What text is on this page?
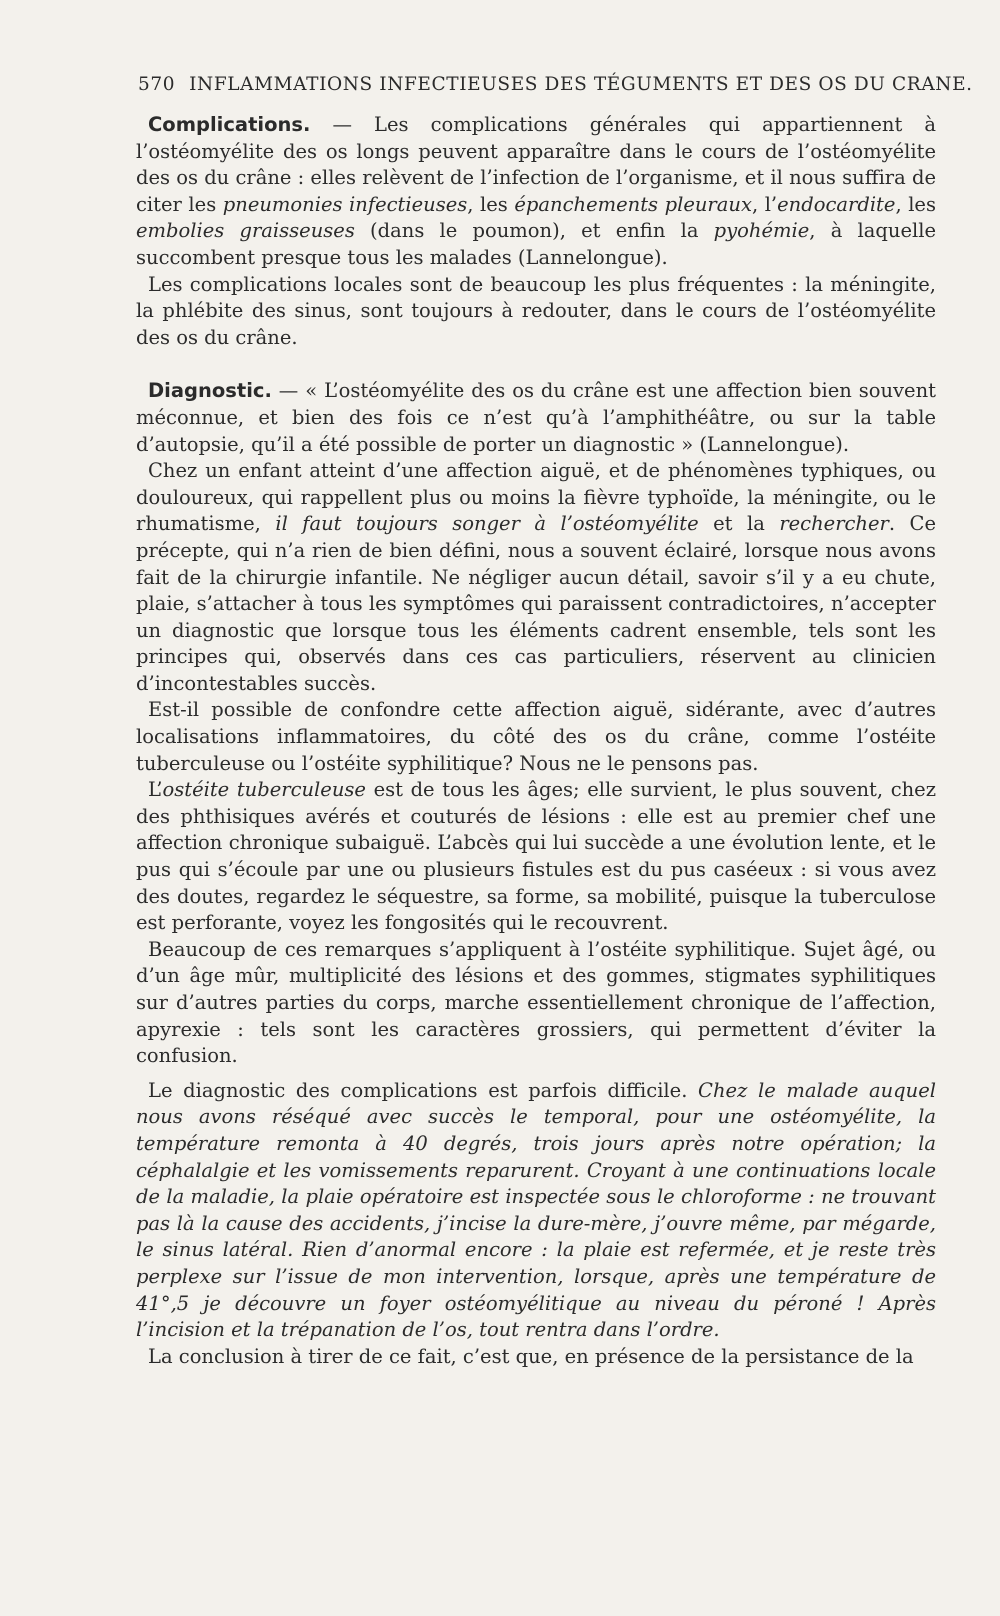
570 INFLAMMATIONS INFECTIEUSES DES TÉGUMENTS ET DES OS DU CRANE.

Complications. — Les complications générales qui appartiennent à l’ostéomyélite des os longs peuvent apparaître dans le cours de l’ostéomyélite des os du crâne : elles relèvent de l’infection de l’organisme, et il nous suffira de citer les pneumonies infectieuses, les épanchements pleuraux, l’endocardite, les embolies graisseuses (dans le poumon), et enfin la pyohémie, à laquelle succombent presque tous les malades (Lannelongue).

Les complications locales sont de beaucoup les plus fréquentes : la méningite, la phlébite des sinus, sont toujours à redouter, dans le cours de l’ostéomyélite des os du crâne.

Diagnostic. — « L’ostéomyélite des os du crâne est une affection bien souvent méconnue, et bien des fois ce n’est qu’à l’amphithéâtre, ou sur la table d’autopsie, qu’il a été possible de porter un diagnostic » (Lannelongue).

Chez un enfant atteint d’une affection aiguë, et de phénomènes typhiques, ou douloureux, qui rappellent plus ou moins la fièvre typhoïde, la méningite, ou le rhumatisme, il faut toujours songer à l’ostéomyélite et la rechercher. Ce précepte, qui n’a rien de bien défini, nous a souvent éclairé, lorsque nous avons fait de la chirurgie infantile. Ne négliger aucun détail, savoir s’il y a eu chute, plaie, s’attacher à tous les symptômes qui paraissent contradictoires, n’accepter un diagnostic que lorsque tous les éléments cadrent ensemble, tels sont les principes qui, observés dans ces cas particuliers, réservent au clinicien d’incontestables succès.

Est-il possible de confondre cette affection aiguë, sidérante, avec d’autres localisations inflammatoires, du côté des os du crâne, comme l’ostéite tuberculeuse ou l’ostéite syphilitique? Nous ne le pensons pas.

L’ostéite tuberculeuse est de tous les âges; elle survient, le plus souvent, chez des phthisiques avérés et couturés de lésions : elle est au premier chef une affection chronique subaiguë. L’abcès qui lui succède a une évolution lente, et le pus qui s’écoule par une ou plusieurs fistules est du pus caséeux : si vous avez des doutes, regardez le séquestre, sa forme, sa mobilité, puisque la tuberculose est perforante, voyez les fongosités qui le recouvrent.

Beaucoup de ces remarques s’appliquent à l’ostéite syphilitique. Sujet âgé, ou d’un âge mûr, multiplicité des lésions et des gommes, stigmates syphilitiques sur d’autres parties du corps, marche essentiellement chronique de l’affection, apyrexie : tels sont les caractères grossiers, qui permettent d’éviter la confusion.

Le diagnostic des complications est parfois difficile. Chez le malade auquel nous avons réséqué avec succès le temporal, pour une ostéomyélite, la température remonta à 40 degrés, trois jours après notre opération; la céphalalgie et les vomissements reparurent. Croyant à une continuations locale de la maladie, la plaie opératoire est inspectée sous le chloroforme : ne trouvant pas là la cause des accidents, j’incise la dure-mère, j’ouvre même, par mégarde, le sinus latéral. Rien d’anormal encore : la plaie est refermée, et je reste très perplexe sur l’issue de mon intervention, lorsque, après une température de 41°,5 je découvre un foyer ostéomyélitique au niveau du péroné ! Après l’incision et la trépanation de l’os, tout rentra dans l’ordre.

La conclusion à tirer de ce fait, c’est que, en présence de la persistance de la
